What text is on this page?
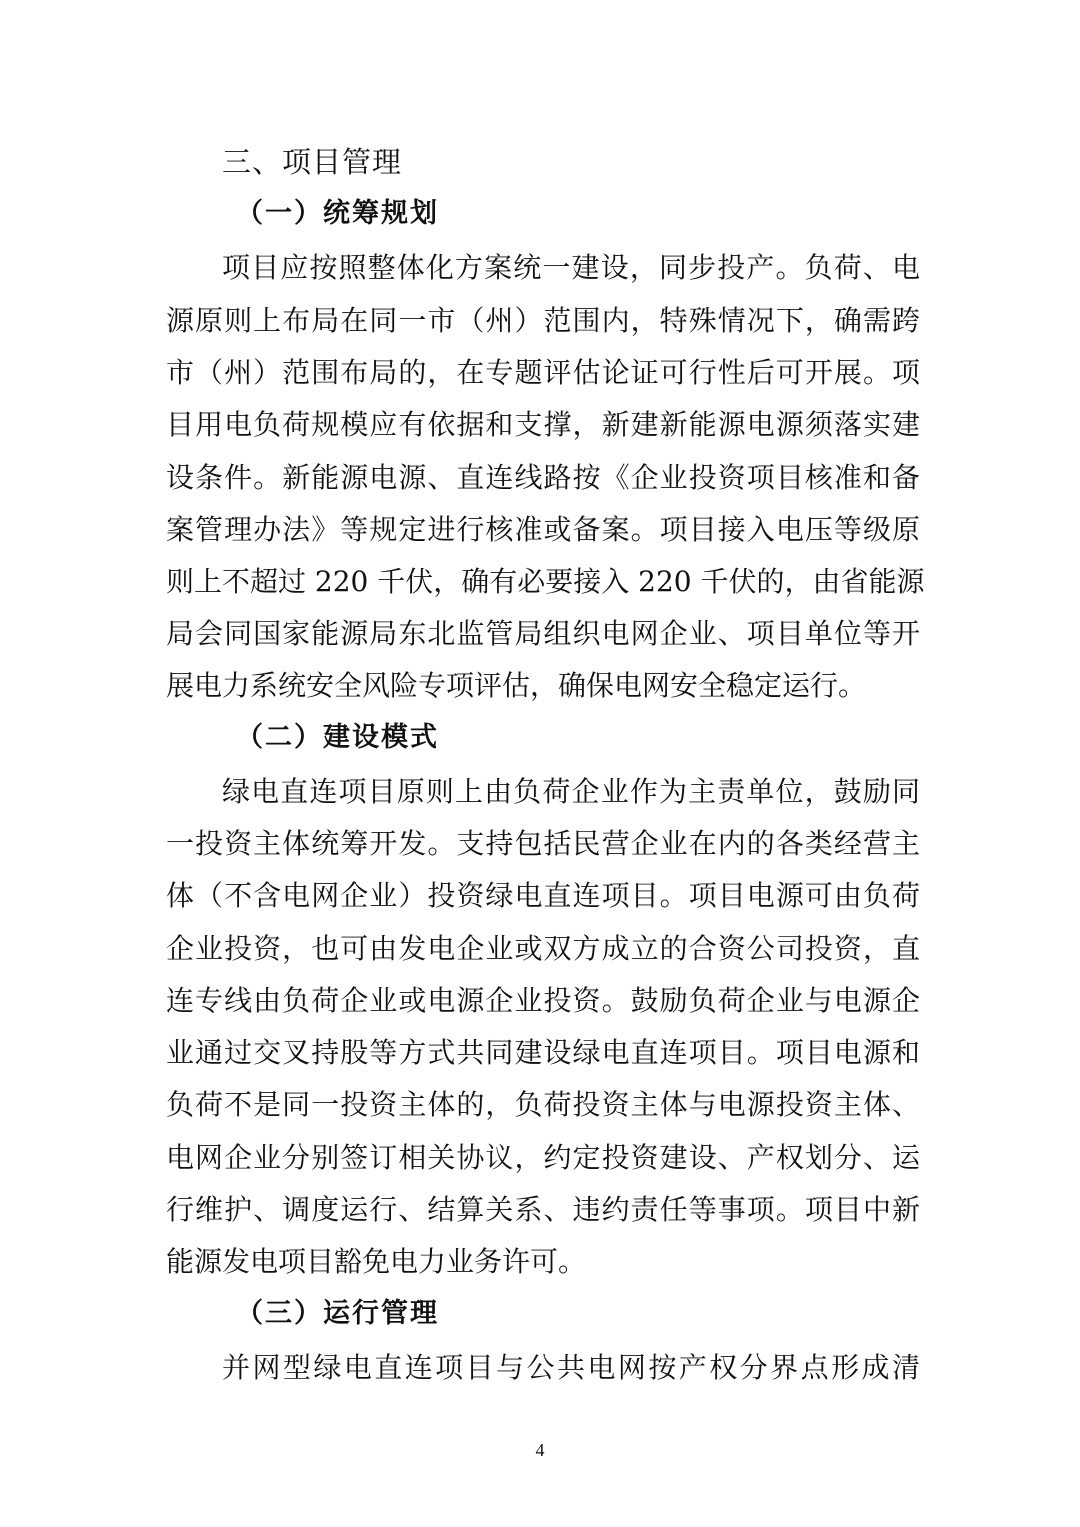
三、项目管理
（一）统筹规划
项目应按照整体化方案统一建设，同步投产。负荷、电
源原则上布局在同一市（州）范围内，特殊情况下，确需跨
市（州）范围布局的，在专题评估论证可行性后可开展。项
目用电负荷规模应有依据和支撑，新建新能源电源须落实建
设条件。新能源电源、直连线路按《企业投资项目核准和备
案管理办法》等规定进行核准或备案。项目接入电压等级原
则上不超过 220 千伏，确有必要接入 220 千伏的，由省能源
局会同国家能源局东北监管局组织电网企业、项目单位等开
展电力系统安全风险专项评估，确保电网安全稳定运行。
（二）建设模式
绿电直连项目原则上由负荷企业作为主责单位，鼓励同
一投资主体统筹开发。支持包括民营企业在内的各类经营主
体（不含电网企业）投资绿电直连项目。项目电源可由负荷
企业投资，也可由发电企业或双方成立的合资公司投资，直
连专线由负荷企业或电源企业投资。鼓励负荷企业与电源企
业通过交叉持股等方式共同建设绿电直连项目。项目电源和
负荷不是同一投资主体的，负荷投资主体与电源投资主体、
电网企业分别签订相关协议，约定投资建设、产权划分、运
行维护、调度运行、结算关系、违约责任等事项。项目中新
能源发电项目豁免电力业务许可。
（三）运行管理
并网型绿电直连项目与公共电网按产权分界点形成清
4
